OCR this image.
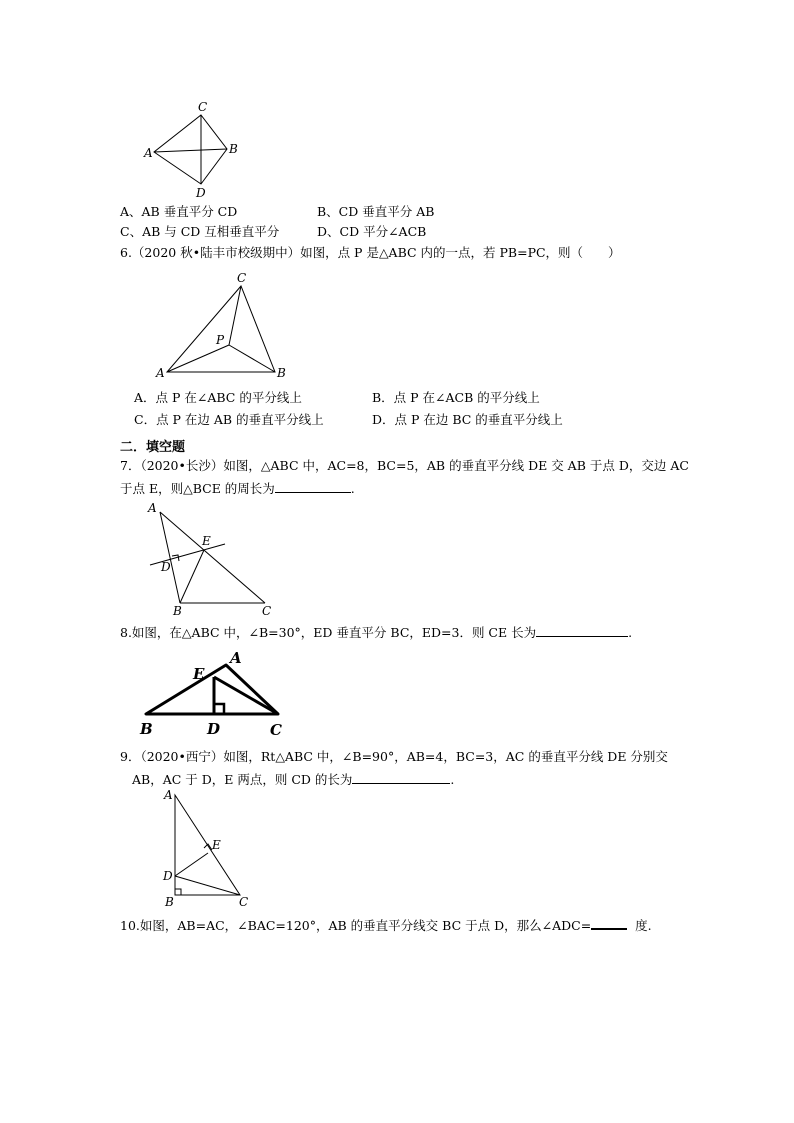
C
B
A
D
A、AB 垂直平分 CD	B、CD 垂直平分 AB
C、AB 与 CD 互相垂直平分	D、CD 平分∠ACB
6.（2020 秋•陆丰市校级期中）如图，点 P 是△ABC 内的一点，若 PB=PC，则（　　）
C
P
A	B
A．点 P 在∠ABC 的平分线上	B．点 P 在∠ACB 的平分线上
C．点 P 在边 AB 的垂直平分线上	D．点 P 在边 BC 的垂直平分线上
二．填空题
7．（2020•长沙）如图，△ABC 中，AC=8，BC=5，AB 的垂直平分线 DE 交 AB 于点 D，交边 AC
于点 E，则△BCE 的周长为	.
A
E
D
B	C
8.如图，在△ABC 中，∠B=30°，ED 垂直平分 BC，ED=3．则 CE 长为	.
A
E
B	D	C
9．（2020•西宁）如图，Rt△ABC 中，∠B=90°，AB=4，BC=3，AC 的垂直平分线 DE 分别交
AB，AC 于 D，E 两点，则 CD 的长为	.
A
E
D
B	C
10.如图，AB=AC，∠BAC=120°，AB 的垂直平分线交 BC 于点 D，那么∠ADC=	度.
